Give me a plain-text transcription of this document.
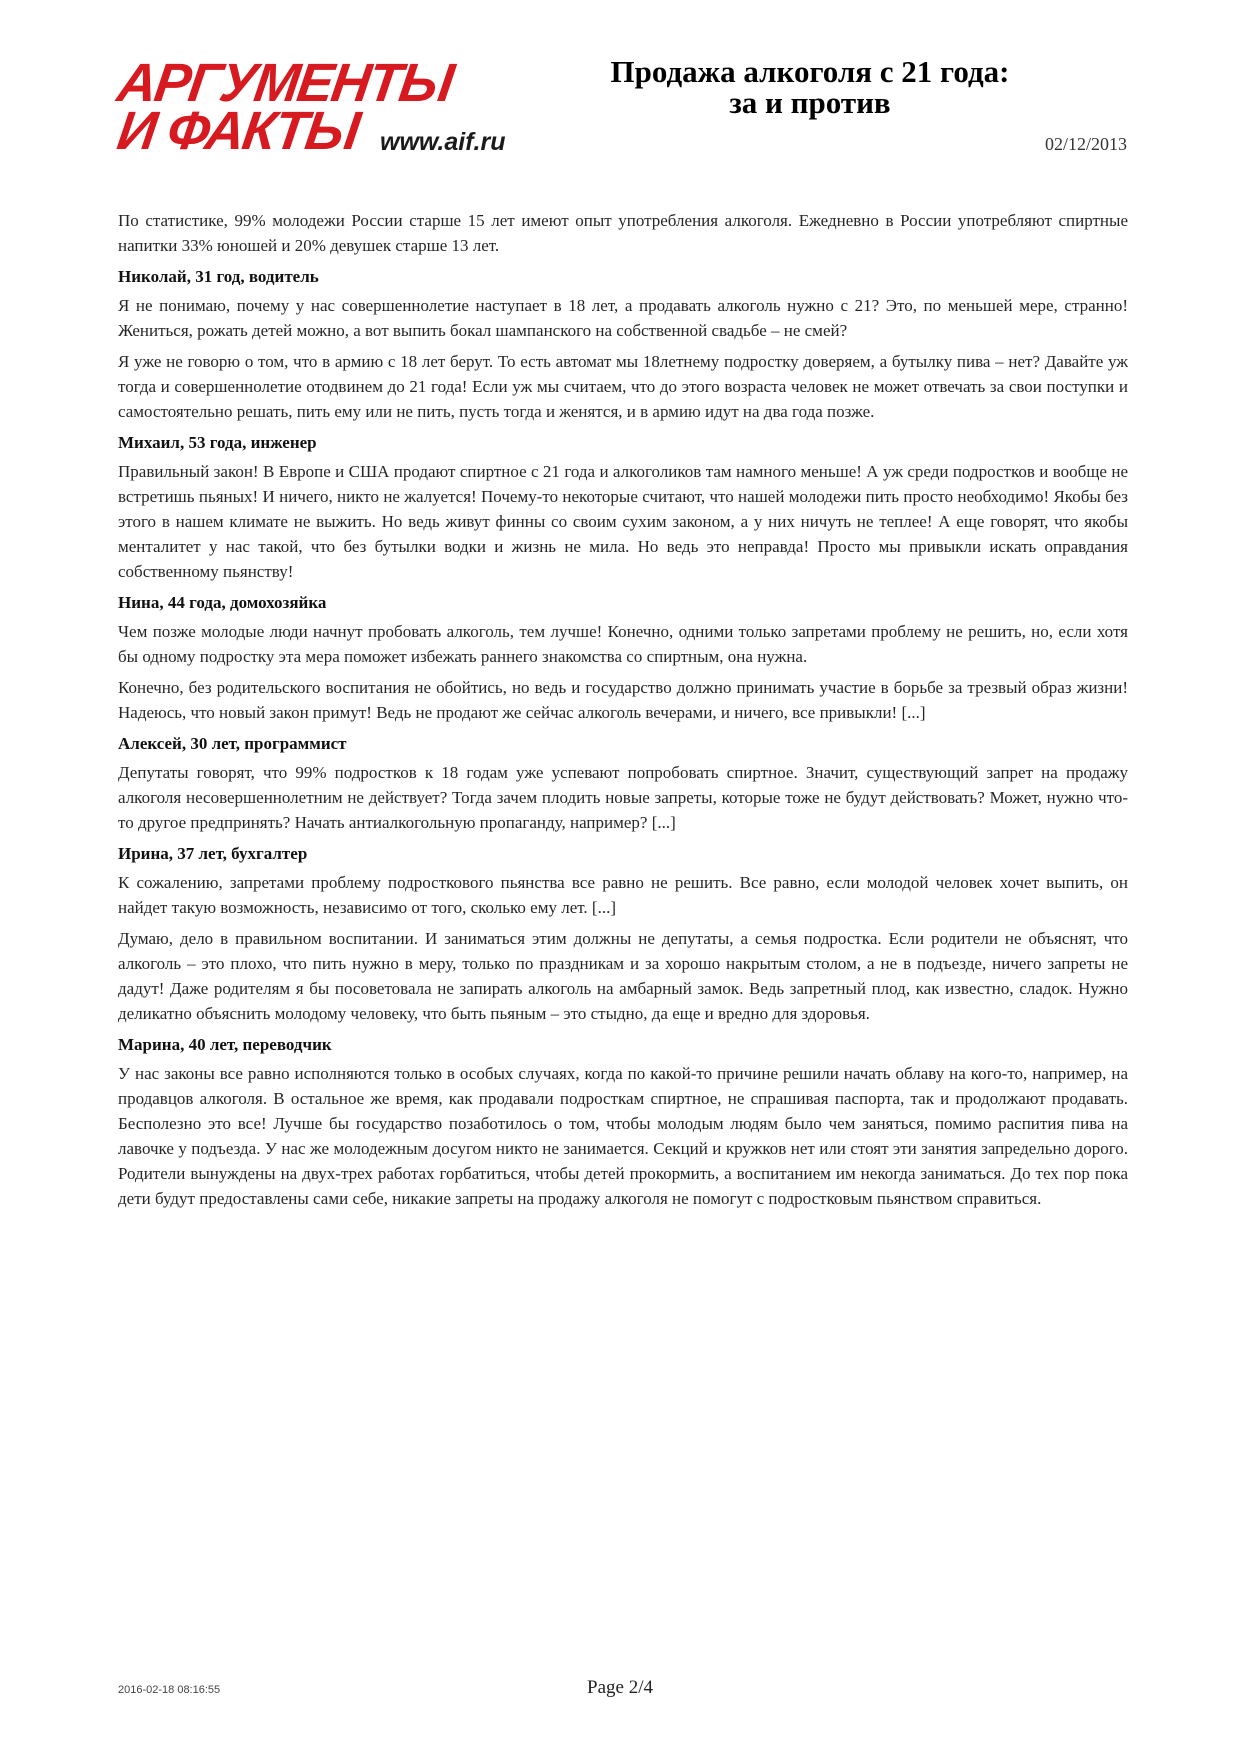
АРГУМЕНТЫ
И ФАКТЫ www.aif.ru
Продажа алкоголя с 21 года:
за и против
02/12/2013

По статистике, 99% молодежи России старше 15 лет имеют опыт употребления алкоголя. Ежедневно в России употребляют спиртные напитки 33% юношей и 20% девушек старше 13 лет.

Николай, 31 год, водитель

Я не понимаю, почему у нас совершеннолетие наступает в 18 лет, а продавать алкоголь нужно с 21? Это, по меньшей мере, странно! Жениться, рожать детей можно, а вот выпить бокал шампанского на собственной свадьбе – не смей?

Я уже не говорю о том, что в армию с 18 лет берут. То есть автомат мы 18летнему подростку доверяем, а бутылку пива – нет? Давайте уж тогда и совершеннолетие отодвинем до 21 года! Если уж мы считаем, что до этого возраста человек не может отвечать за свои поступки и самостоятельно решать, пить ему или не пить, пусть тогда и женятся, и в армию идут на два года позже.

Михаил, 53 года, инженер

Правильный закон! В Европе и США продают спиртное с 21 года и алкоголиков там намного меньше! А уж среди подростков и вообще не встретишь пьяных! И ничего, никто не жалуется! Почему-то некоторые считают, что нашей молодежи пить просто необходимо! Якобы без этого в нашем климате не выжить. Но ведь живут финны со своим сухим законом, а у них ничуть не теплее! А еще говорят, что якобы менталитет у нас такой, что без бутылки водки и жизнь не мила. Но ведь это неправда! Просто мы привыкли искать оправдания собственному пьянству!

Нина, 44 года, домохозяйка

Чем позже молодые люди начнут пробовать алкоголь, тем лучше! Конечно, одними только запретами проблему не решить, но, если хотя бы одному подростку эта мера поможет избежать раннего знакомства со спиртным, она нужна.

Конечно, без родительского воспитания не обойтись, но ведь и государство должно принимать участие в борьбе за трезвый образ жизни! Надеюсь, что новый закон примут! Ведь не продают же сейчас алкоголь вечерами, и ничего, все привыкли! [...]

Алексей, 30 лет, программист

Депутаты говорят, что 99% подростков к 18 годам уже успевают попробовать спиртное. Значит, существующий запрет на продажу алкоголя несовершеннолетним не действует? Тогда зачем плодить новые запреты, которые тоже не будут действовать? Может, нужно что-то другое предпринять? Начать антиалкогольную пропаганду, например? [...]

Ирина, 37 лет, бухгалтер

К сожалению, запретами проблему подросткового пьянства все равно не решить. Все равно, если молодой человек хочет выпить, он найдет такую возможность, независимо от того, сколько ему лет. [...]

Думаю, дело в правильном воспитании. И заниматься этим должны не депутаты, а семья подростка. Если родители не объяснят, что алкоголь – это плохо, что пить нужно в меру, только по праздникам и за хорошо накрытым столом, а не в подъезде, ничего запреты не дадут! Даже родителям я бы посоветовала не запирать алкоголь на амбарный замок. Ведь запретный плод, как известно, сладок. Нужно деликатно объяснить молодому человеку, что быть пьяным – это стыдно, да еще и вредно для здоровья.

Марина, 40 лет, переводчик

У нас законы все равно исполняются только в особых случаях, когда по какой-то причине решили начать облаву на кого-то, например, на продавцов алкоголя. В остальное же время, как продавали подросткам спиртное, не спрашивая паспорта, так и продолжают продавать. Бесполезно это все! Лучше бы государство позаботилось о том, чтобы молодым людям было чем заняться, помимо распития пива на лавочке у подъезда. У нас же молодежным досугом никто не занимается. Секций и кружков нет или стоят эти занятия запредельно дорого. Родители вынуждены на двух-трех работах горбатиться, чтобы детей прокормить, а воспитанием им некогда заниматься. До тех пор пока дети будут предоставлены сами себе, никакие запреты на продажу алкоголя не помогут с подростковым пьянством справиться.

2016-02-18 08:16:55	Page 2/4
